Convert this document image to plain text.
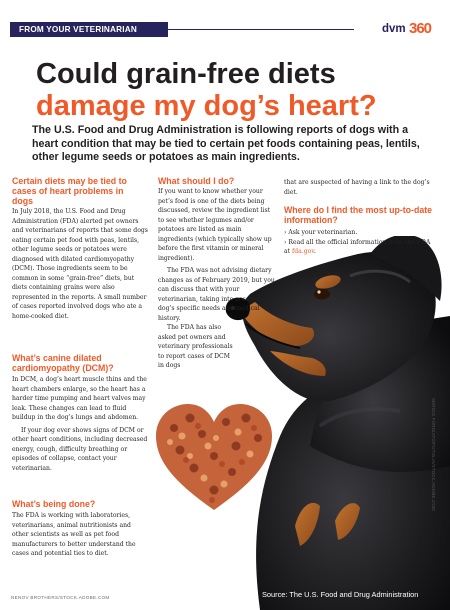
FROM YOUR VETERINARIAN	dvm 360
Could grain-free diets
damage my dog’s heart?
The U.S. Food and Drug Administration is following reports of dogs with a heart condition that may be tied to certain pet foods containing peas, lentils, other legume seeds or potatoes as main ingredients.
Certain diets may be tied to cases of heart problems in dogs

In July 2018, the U.S. Food and Drug Administration (FDA) alerted pet owners and veterinarians of reports that some dogs eating certain pet food with peas, lentils, other legume seeds or potatoes were diagnosed with dilated cardiomyopathy (DCM). Those ingredients seem to be common in some “grain-free” diets, but diets containing grains were also represented in the reports. A small number of cases reported involved dogs who ate a home-cooked diet.

What’s canine dilated cardiomyopathy (DCM)?

In DCM, a dog’s heart muscle thins and the heart chambers enlarge, so the heart has a harder time pumping and heart valves may leak. These changes can lead to fluid buildup in the dog’s lungs and abdomen.

If your dog ever shows signs of DCM or other heart conditions, including decreased energy, cough, difficulty breathing or episodes of collapse, contact your veterinarian.

What’s being done?

The FDA is working with laboratories, veterinarians, animal nutritionists and other scientists as well as pet food manufacturers to better understand the cases and potential ties to diet.

What should I do?

If you want to know whether your pet’s food is one of the diets being discussed, review the ingredient list to see whether legumes and/or potatoes are listed as main ingredients (which typically show up before the first vitamin or mineral ingredient).

The FDA was not advising dietary changes as of February 2019, but you can discuss that with your veterinarian, taking into account your dog’s specific needs and medical history.

The FDA has also asked pet owners and veterinary professionals to report cases of DCM in dogs

that are suspected of having a link to the dog’s diet.

Where do I find the most up-to-date information?

› Ask your veterinarian.

› Read all the official information from the FDA at fda.gov.

SERGIO FORGIATO/FOTOLIA/STOCK.ADOBE.COM
NENOV BROTHERS/STOCK.ADOBE.COM	Source: The U.S. Food and Drug Administration
